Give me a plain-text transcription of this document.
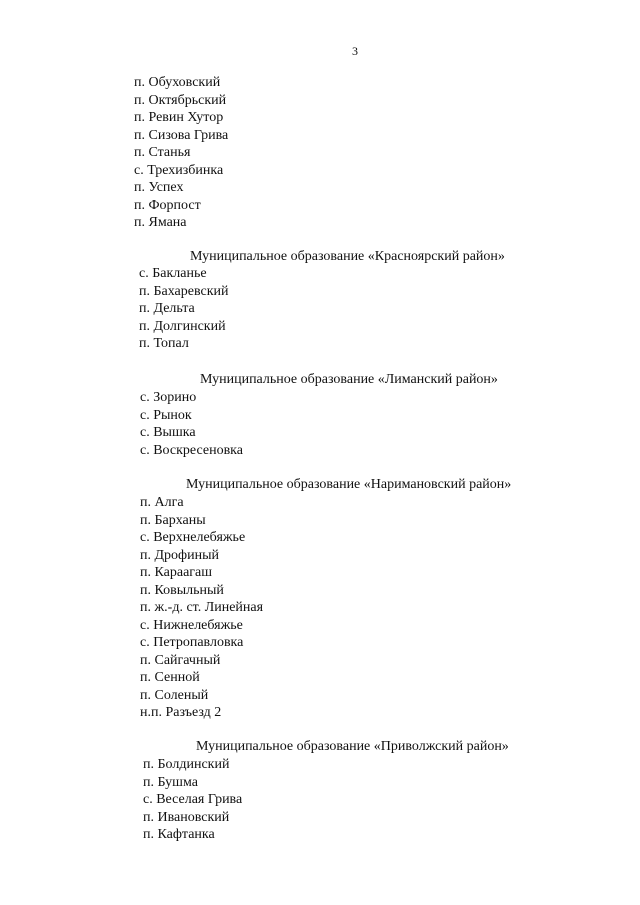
3
п. Обуховский
п. Октябрьский
п. Ревин Хутор
п. Сизова Грива
п. Станья
с. Трехизбинка
п. Успех
п. Форпост
п. Ямана
Муниципальное образование «Красноярский район»
с. Бакланье
п. Бахаревский
п. Дельта
п. Долгинский
п. Топал
Муниципальное образование «Лиманский район»
с. Зорино
с. Рынок
с. Вышка
с. Воскресеновка
Муниципальное образование «Наримановский район»
п. Алга
п. Барханы
с. Верхнелебяжье
п. Дрофиный
п. Караагаш
п. Ковыльный
п. ж.-д. ст. Линейная
с. Нижнелебяжье
с. Петропавловка
п. Сайгачный
п. Сенной
п. Соленый
н.п. Разъезд 2
Муниципальное образование «Приволжский район»
п. Болдинский
п. Бушма
с. Веселая Грива
п. Ивановский
п. Кафтанка
